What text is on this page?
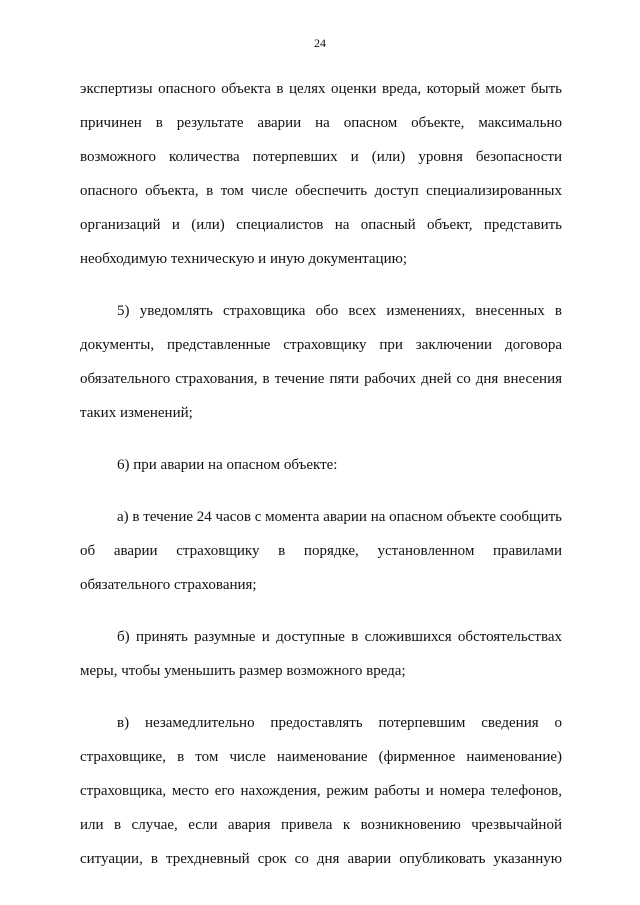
24
экспертизы опасного объекта в целях оценки вреда, который может быть
причинен в результате аварии на опасном объекте, максимально
возможного количества потерпевших и (или) уровня безопасности
опасного объекта, в том числе обеспечить доступ специализированных
организаций и (или) специалистов на опасный объект, представить
необходимую техническую и иную документацию;
5) уведомлять страховщика обо всех изменениях, внесенных в
документы, представленные страховщику при заключении договора
обязательного страхования, в течение пяти рабочих дней со дня внесения
таких изменений;
6) при аварии на опасном объекте:
а) в течение 24 часов с момента аварии на опасном объекте сообщить
об аварии страховщику в порядке, установленном правилами
обязательного страхования;
б) принять разумные и доступные в сложившихся обстоятельствах
меры, чтобы уменьшить размер возможного вреда;
в) незамедлительно предоставлять потерпевшим сведения о
страховщике, в том числе наименование (фирменное наименование)
страховщика, место его нахождения, режим работы и номера телефонов,
или в случае, если авария привела к возникновению чрезвычайной
ситуации, в трехдневный срок со дня аварии опубликовать указанную
